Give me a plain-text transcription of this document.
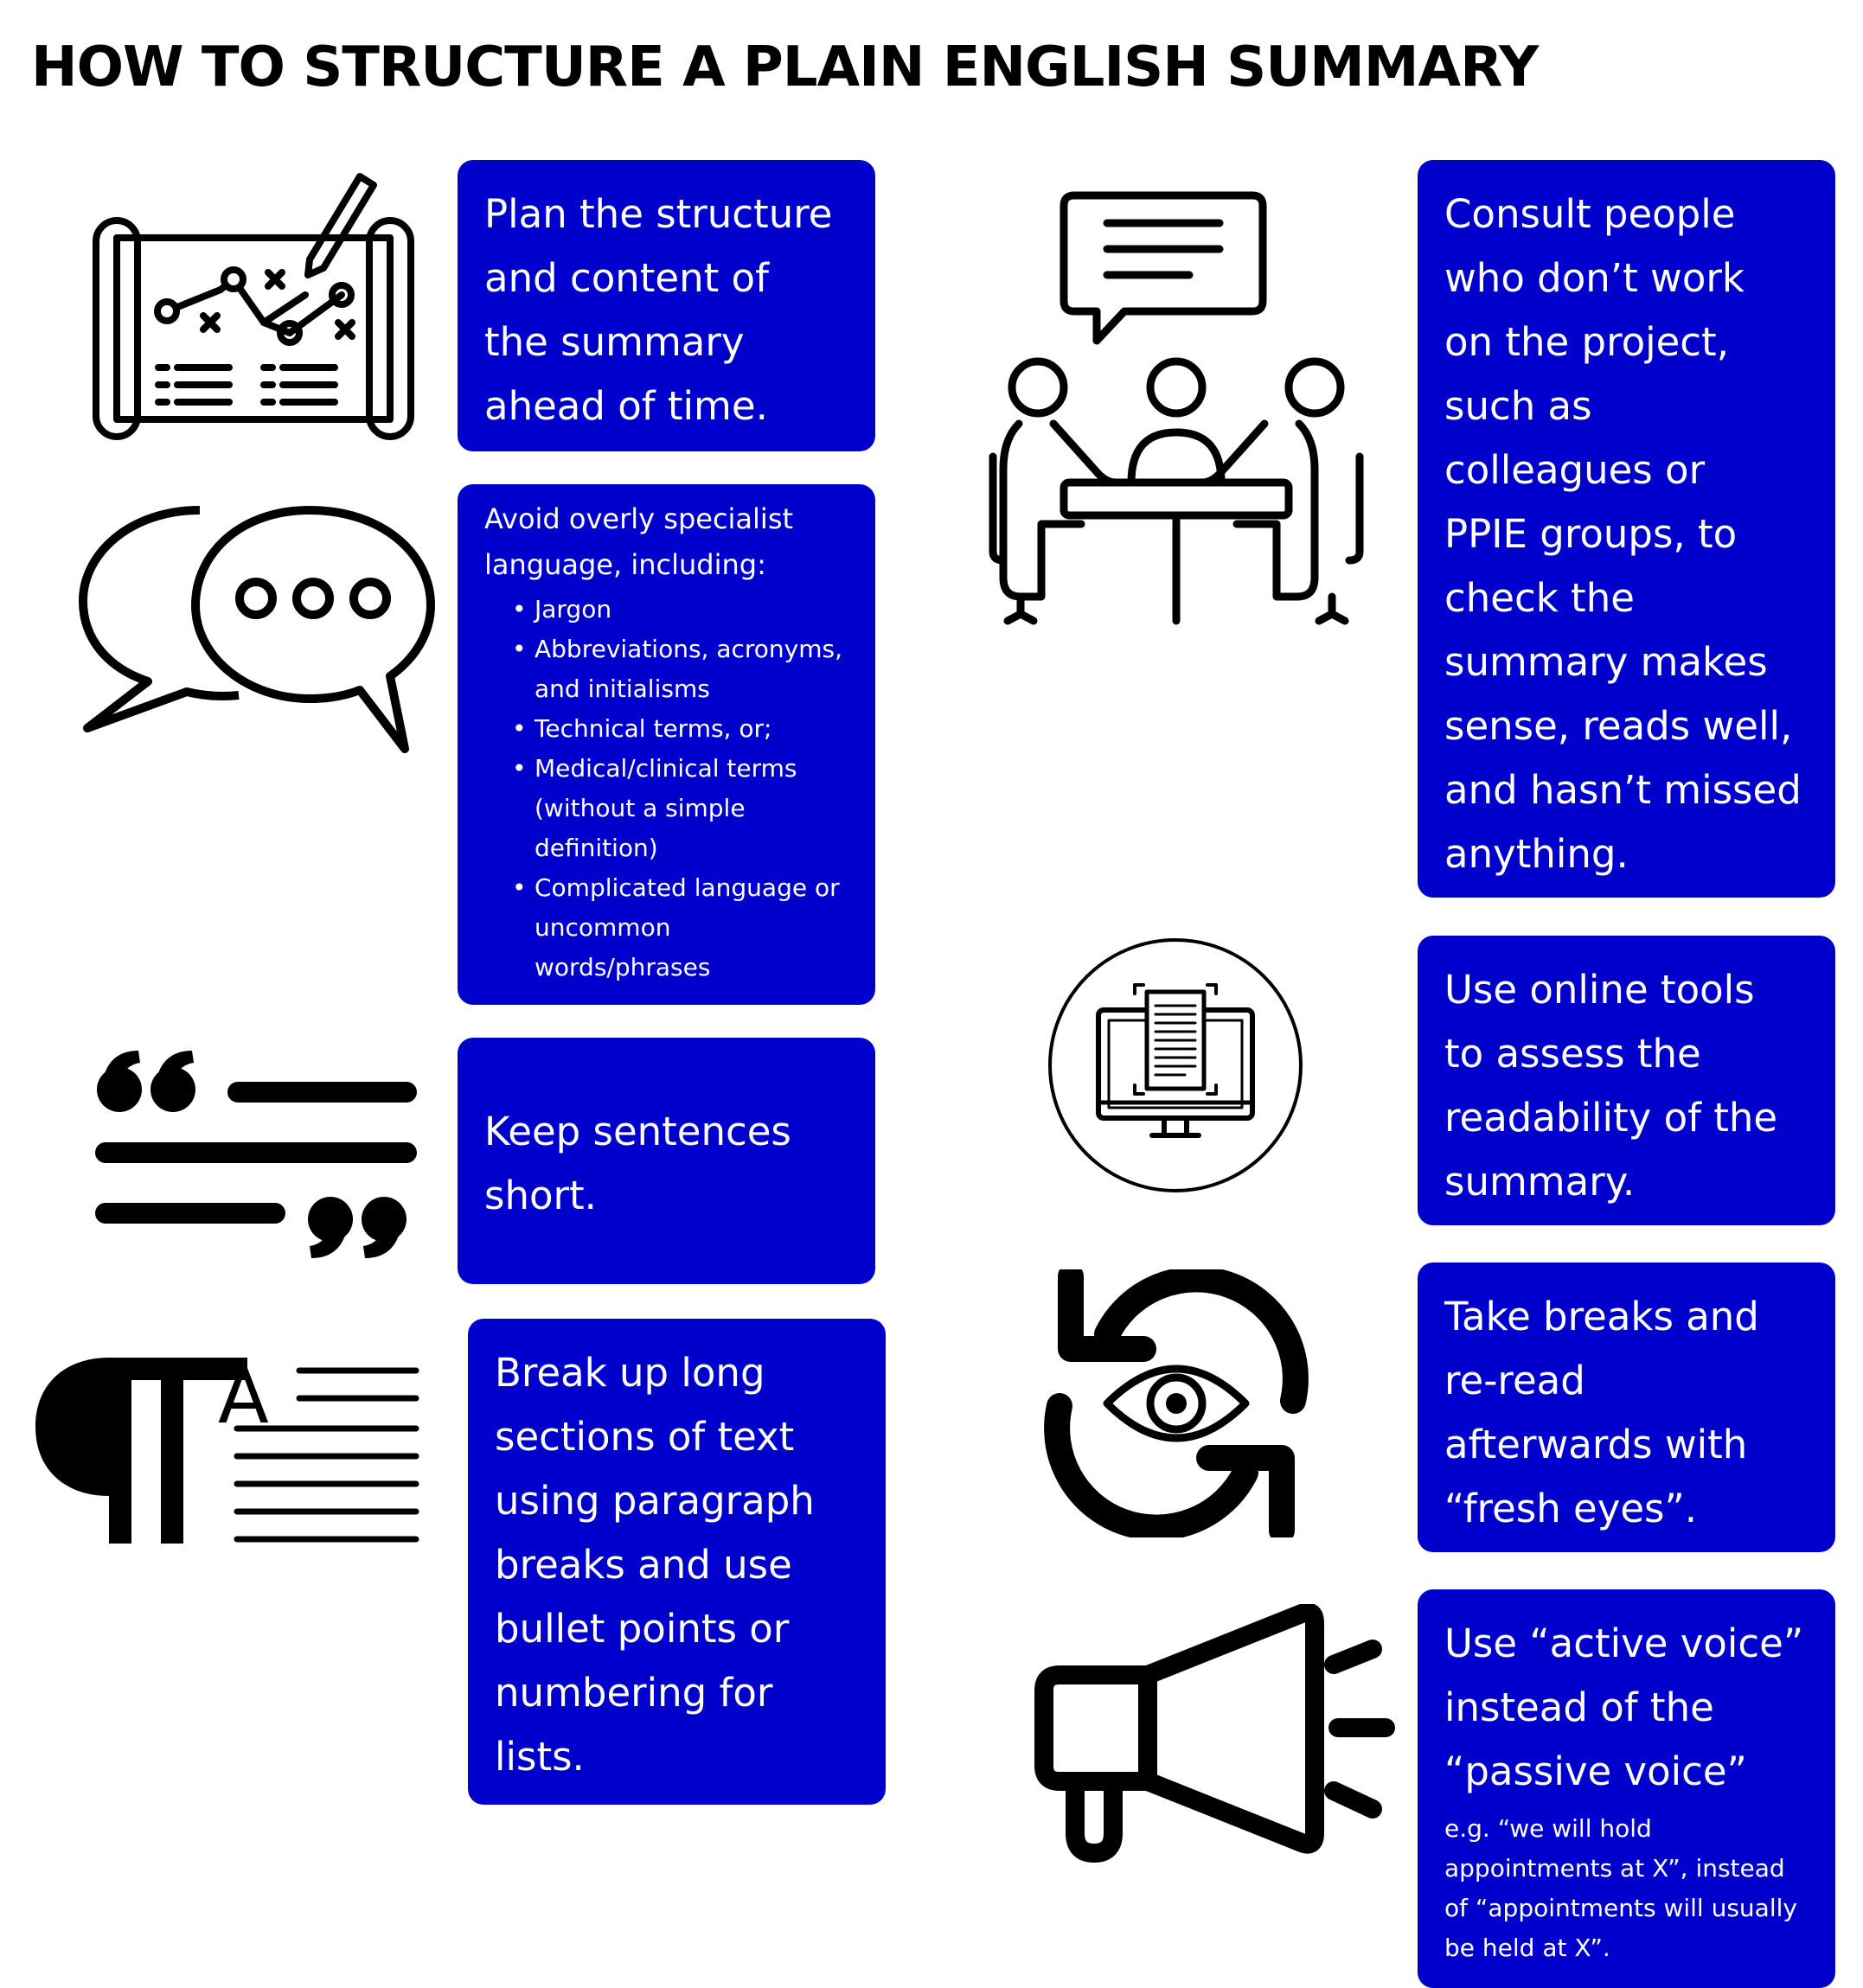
HOW TO STRUCTURE A PLAIN ENGLISH SUMMARY

Plan the structure
and content of
the summary
ahead of time.

Avoid overly specialist
language, including:

• Jargon
• Abbreviations, acronyms,
and initialisms
• Technical terms, or;
• Medical/clinical terms
(without a simple
definition)
• Complicated language or
uncommon
words/phrases

Keep sentences
short.

A	Break up long
sections of text
using paragraph
breaks and use
bullet points or
numbering for
lists.

Consult people
who don’t work
on the project,
such as
colleagues or
PPIE groups, to
check the
summary makes
sense, reads well,
and hasn’t missed
anything.

Use online tools
to assess the
readability of the
summary.

Take breaks and
re-read
afterwards with
“fresh eyes”.

Use “active voice”
instead of the
“passive voice”

e.g. “we will hold
appointments at X”, instead
of “appointments will usually
be held at X”.
